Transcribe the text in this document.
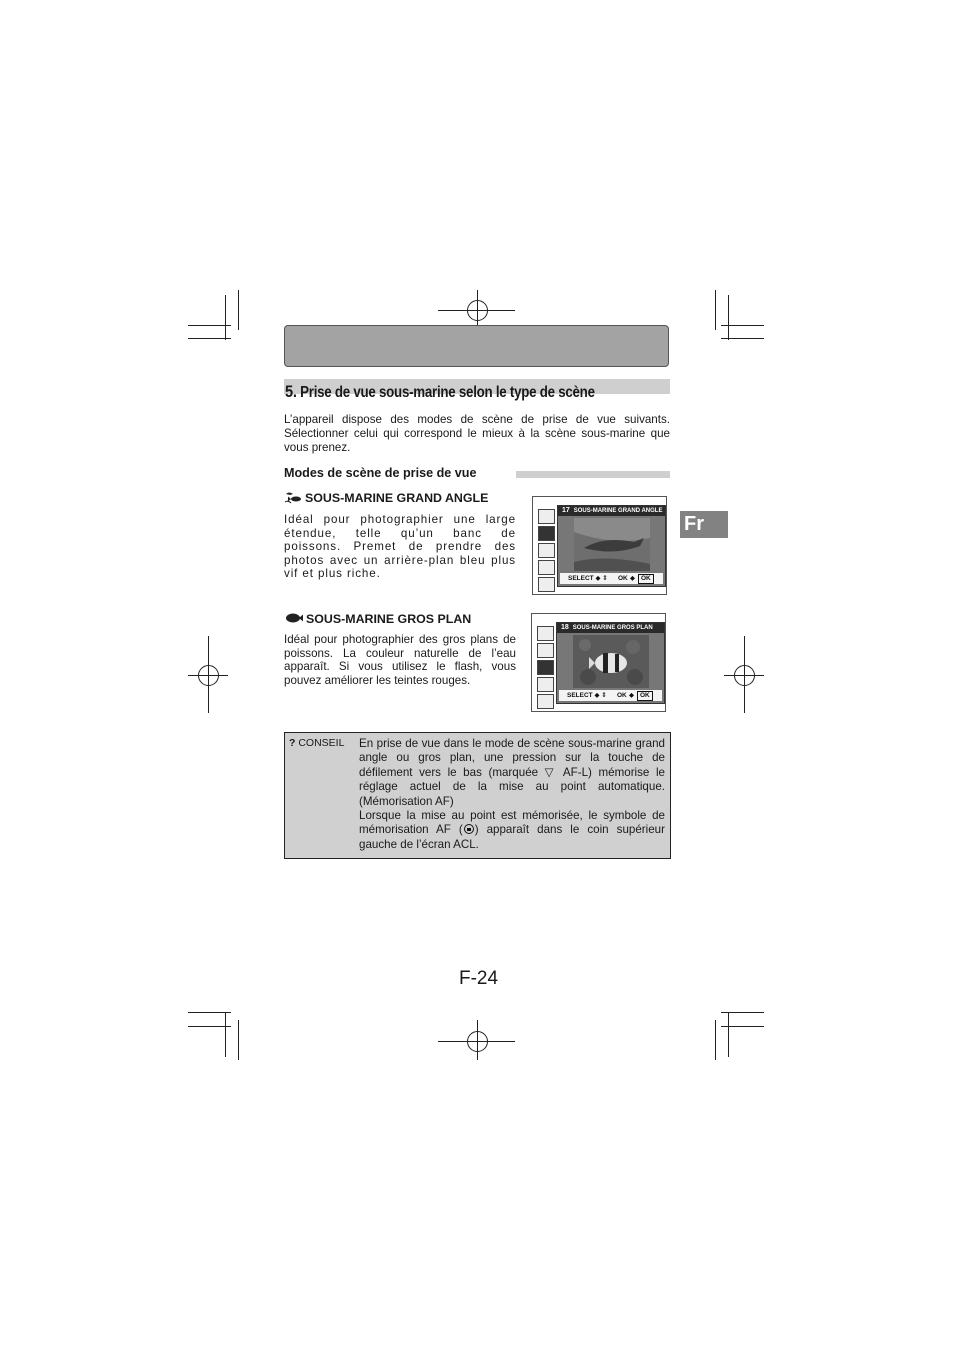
5. Prise de vue sous-marine selon le type de scène
L’appareil dispose des modes de scène de prise de vue suivants. Sélectionner celui qui correspond le mieux à la scène sous-marine que vous prenez.
Modes de scène de prise de vue
SOUS-MARINE GRAND ANGLE
Idéal pour photographier une large étendue, telle qu’un banc de poissons. Premet de prendre des photos avec un arrière-plan bleu plus vif et plus riche.
17 SOUS-MARINE GRAND ANGLE
SELECT ◆ ⇕ OK ◆ OK
SOUS-MARINE GROS PLAN
Idéal pour photographier des gros plans de poissons. La couleur naturelle de l’eau apparaît. Si vous utilisez le flash, vous pouvez améliorer les teintes rouges.
18 SOUS-MARINE GROS PLAN
SELECT ◆ ⇕ OK ◆ OK
? CONSEIL En prise de vue dans le mode de scène sous-marine grand angle ou gros plan, une pression sur la touche de défilement vers le bas (marquée ▽ AF-L) mémorise le réglage actuel de la mise au point automatique. (Mémorisation AF)
Lorsque la mise au point est mémorisée, le symbole de mémorisation AF ( ) apparaît dans le coin supérieur gauche de l’écran ACL.
Fr
F-24
